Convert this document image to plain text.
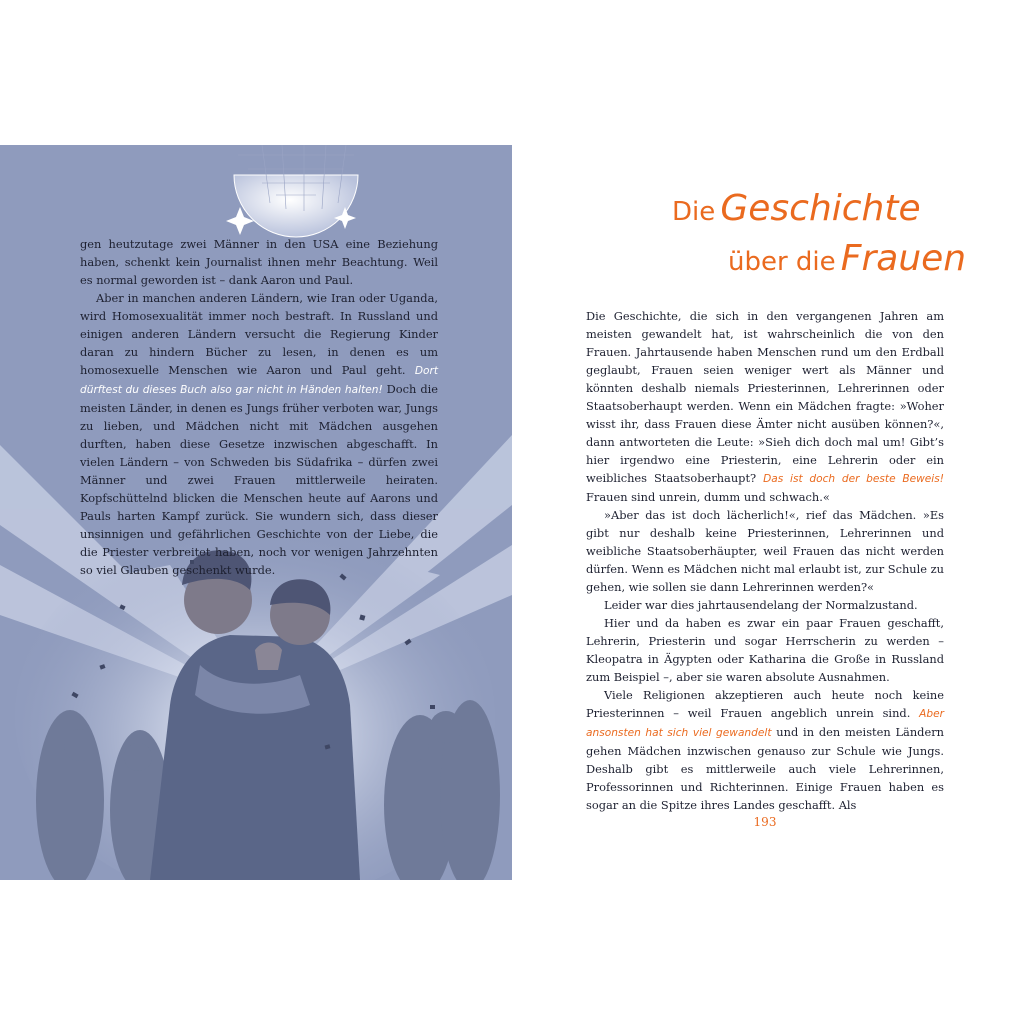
gen heutzutage zwei Männer in den USA eine Beziehung haben, schenkt kein Journalist ihnen mehr Beachtung. Weil es normal geworden ist – dank Aaron und Paul.

Aber in manchen anderen Ländern, wie Iran oder Uganda, wird Homosexualität immer noch bestraft. In Russland und einigen anderen Ländern versucht die Regierung Kinder daran zu hindern Bücher zu lesen, in denen es um homosexuelle Menschen wie Aaron und Paul geht. Dort dürftest du dieses Buch also gar nicht in Händen halten! Doch die meisten Länder, in denen es Jungs früher verboten war, Jungs zu lieben, und Mädchen nicht mit Mädchen ausgehen durften, haben diese Gesetze inzwischen abgeschafft. In vielen Ländern – von Schweden bis Südafrika – dürfen zwei Männer und zwei Frauen mittlerweile heiraten. Kopfschüttelnd blicken die Menschen heute auf Aarons und Pauls harten Kampf zurück. Sie wundern sich, dass dieser unsinnigen und gefährlichen Geschichte von der Liebe, die die Priester verbreitet haben, noch vor wenigen Jahrzehnten so viel Glauben geschenkt wurde.

Die Geschichte
über die Frauen

Die Geschichte, die sich in den vergangenen Jahren am meisten gewandelt hat, ist wahrscheinlich die von den Frauen. Jahrtausende haben Menschen rund um den Erdball geglaubt, Frauen seien weniger wert als Männer und könnten deshalb niemals Priesterinnen, Lehrerinnen oder Staatsoberhaupt werden. Wenn ein Mädchen fragte: »Woher wisst ihr, dass Frauen diese Ämter nicht ausüben können?«, dann antworteten die Leute: »Sieh dich doch mal um! Gibt’s hier irgendwo eine Priesterin, eine Lehrerin oder ein weibliches Staatsoberhaupt? Das ist doch der beste Beweis! Frauen sind unrein, dumm und schwach.«

»Aber das ist doch lächerlich!«, rief das Mädchen. »Es gibt nur deshalb keine Priesterinnen, Lehrerinnen und weibliche Staatsoberhäupter, weil Frauen das nicht werden dürfen. Wenn es Mädchen nicht mal erlaubt ist, zur Schule zu gehen, wie sollen sie dann Lehrerinnen werden?«

Leider war dies jahrtausendelang der Normalzustand.

Hier und da haben es zwar ein paar Frauen geschafft, Lehrerin, Priesterin und sogar Herrscherin zu werden – Kleopatra in Ägypten oder Katharina die Große in Russland zum Beispiel –, aber sie waren absolute Ausnahmen.

Viele Religionen akzeptieren auch heute noch keine Priesterinnen – weil Frauen angeblich unrein sind. Aber ansonsten hat sich viel gewandelt und in den meisten Ländern gehen Mädchen inzwischen genauso zur Schule wie Jungs. Deshalb gibt es mittlerweile auch viele Lehrerinnen, Professorinnen und Richterinnen. Einige Frauen haben es sogar an die Spitze ihres Landes geschafft. Als

193
